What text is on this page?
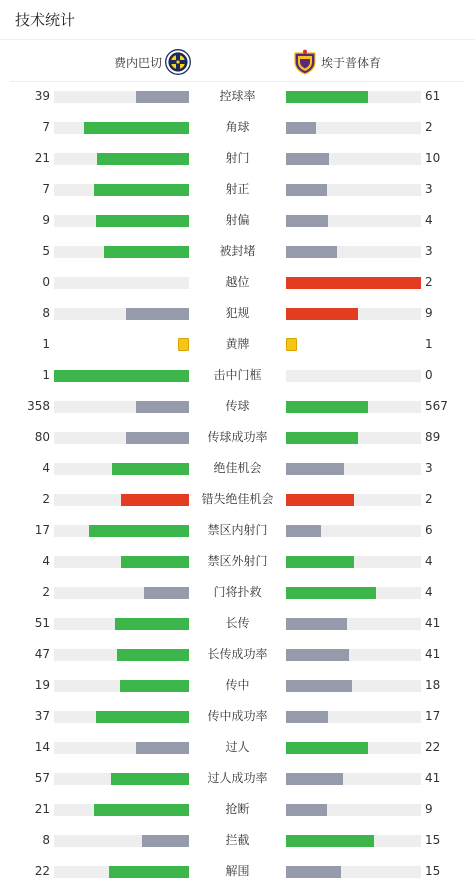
技术统计
费内巴切	埃于普体育
39	控球率	61
7	角球	2
21	射门	10
7	射正	3
9	射偏	4
5	被封堵	3
0	越位	2
8	犯规	9
1	黄牌	1
1	击中门框	0
358	传球	567
80	传球成功率	89
4	绝佳机会	3
2	错失绝佳机会	2
17	禁区内射门	6
4	禁区外射门	4
2	门将扑救	4
51	长传	41
47	长传成功率	41
19	传中	18
37	传中成功率	17
14	过人	22
57	过人成功率	41
21	抢断	9
8	拦截	15
22	解围	15
